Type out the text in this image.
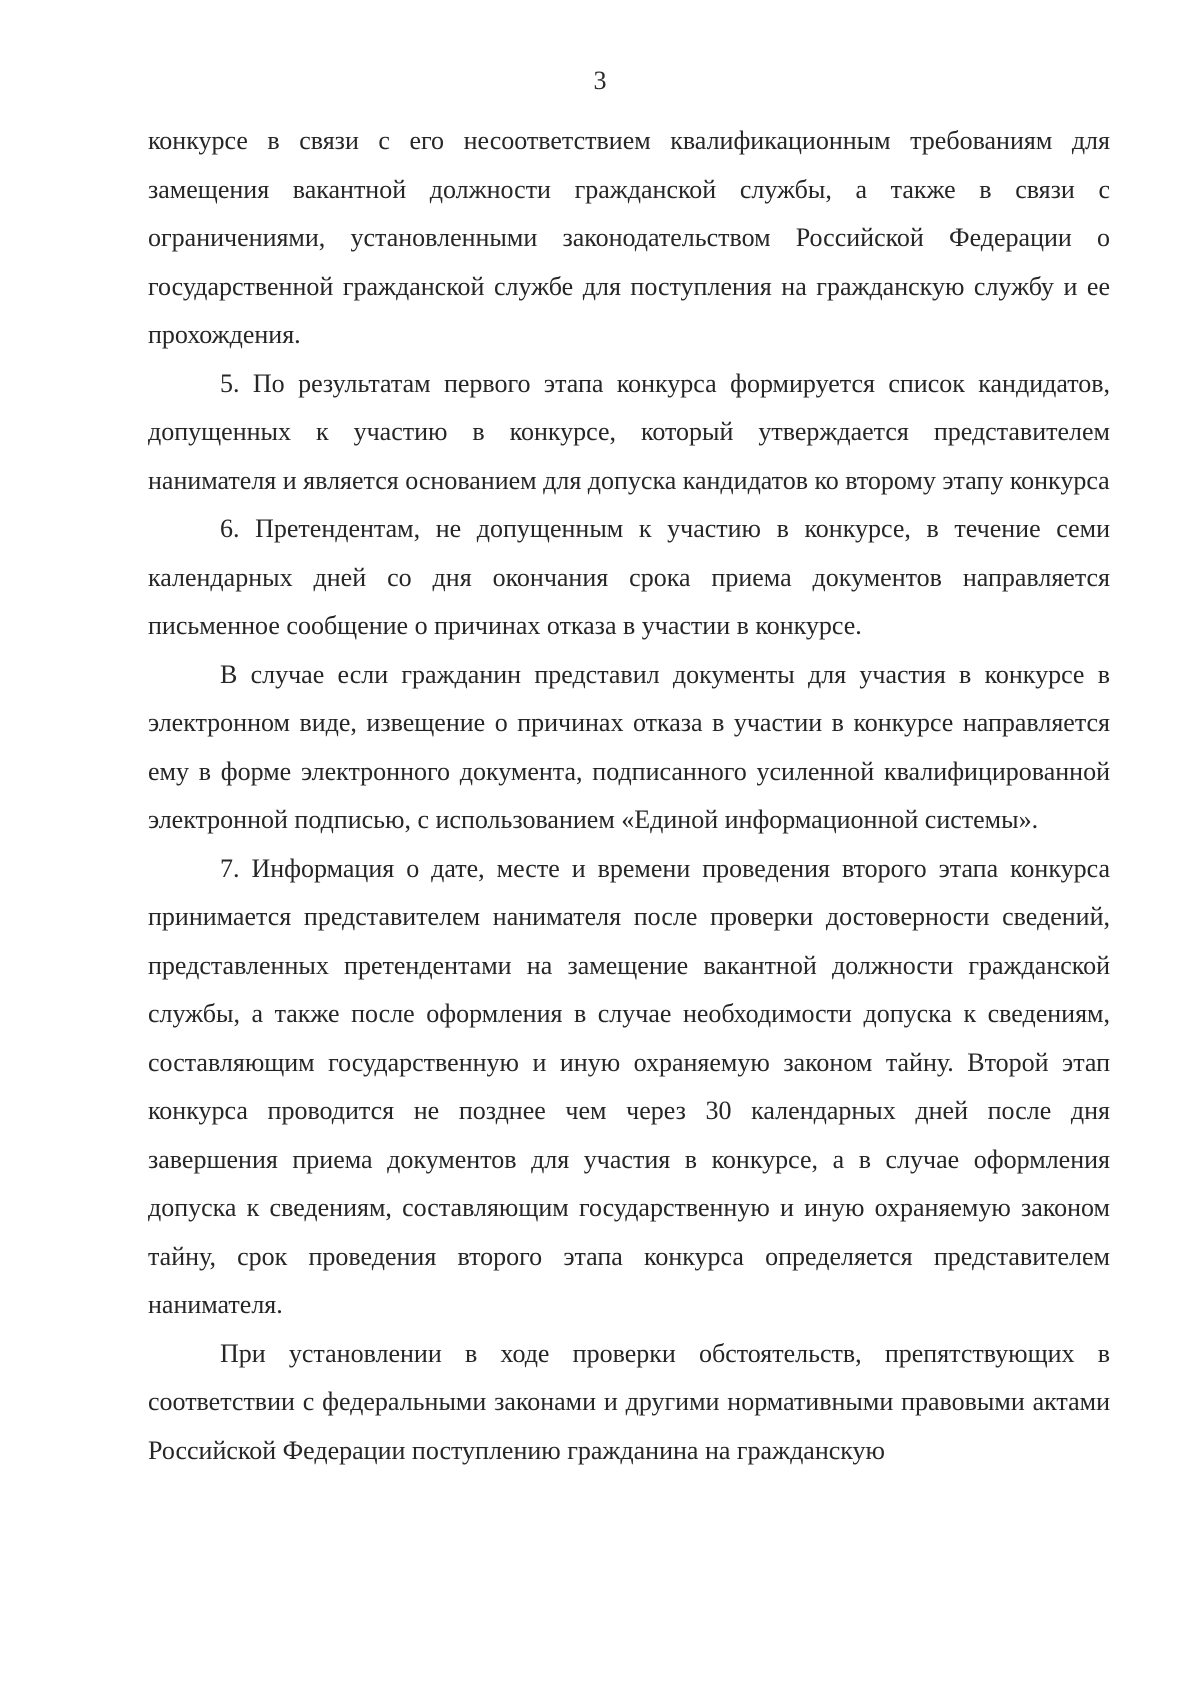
3

конкурсе в связи с его несоответствием квалификационным требованиям для замещения вакантной должности гражданской службы, а также в связи с ограничениями, установленными законодательством Российской Федерации о государственной гражданской службе для поступления на гражданскую службу и ее прохождения.

5. По результатам первого этапа конкурса формируется список кандидатов, допущенных к участию в конкурсе, который утверждается представителем нанимателя и является основанием для допуска кандидатов ко второму этапу конкурса

6. Претендентам, не допущенным к участию в конкурсе, в течение семи календарных дней со дня окончания срока приема документов направляется письменное сообщение о причинах отказа в участии в конкурсе.

В случае если гражданин представил документы для участия в конкурсе в электронном виде, извещение о причинах отказа в участии в конкурсе направляется ему в форме электронного документа, подписанного усиленной квалифицированной электронной подписью, с использованием «Единой информационной системы».

7. Информация о дате, месте и времени проведения второго этапа конкурса принимается представителем нанимателя после проверки достоверности сведений, представленных претендентами на замещение вакантной должности гражданской службы, а также после оформления в случае необходимости допуска к сведениям, составляющим государственную и иную охраняемую законом тайну. Второй этап конкурса проводится не позднее чем через 30 календарных дней после дня завершения приема документов для участия в конкурсе, а в случае оформления допуска к сведениям, составляющим государственную и иную охраняемую законом тайну, срок проведения второго этапа конкурса определяется представителем нанимателя.

При установлении в ходе проверки обстоятельств, препятствующих в соответствии с федеральными законами и другими нормативными правовыми актами Российской Федерации поступлению гражданина на гражданскую
